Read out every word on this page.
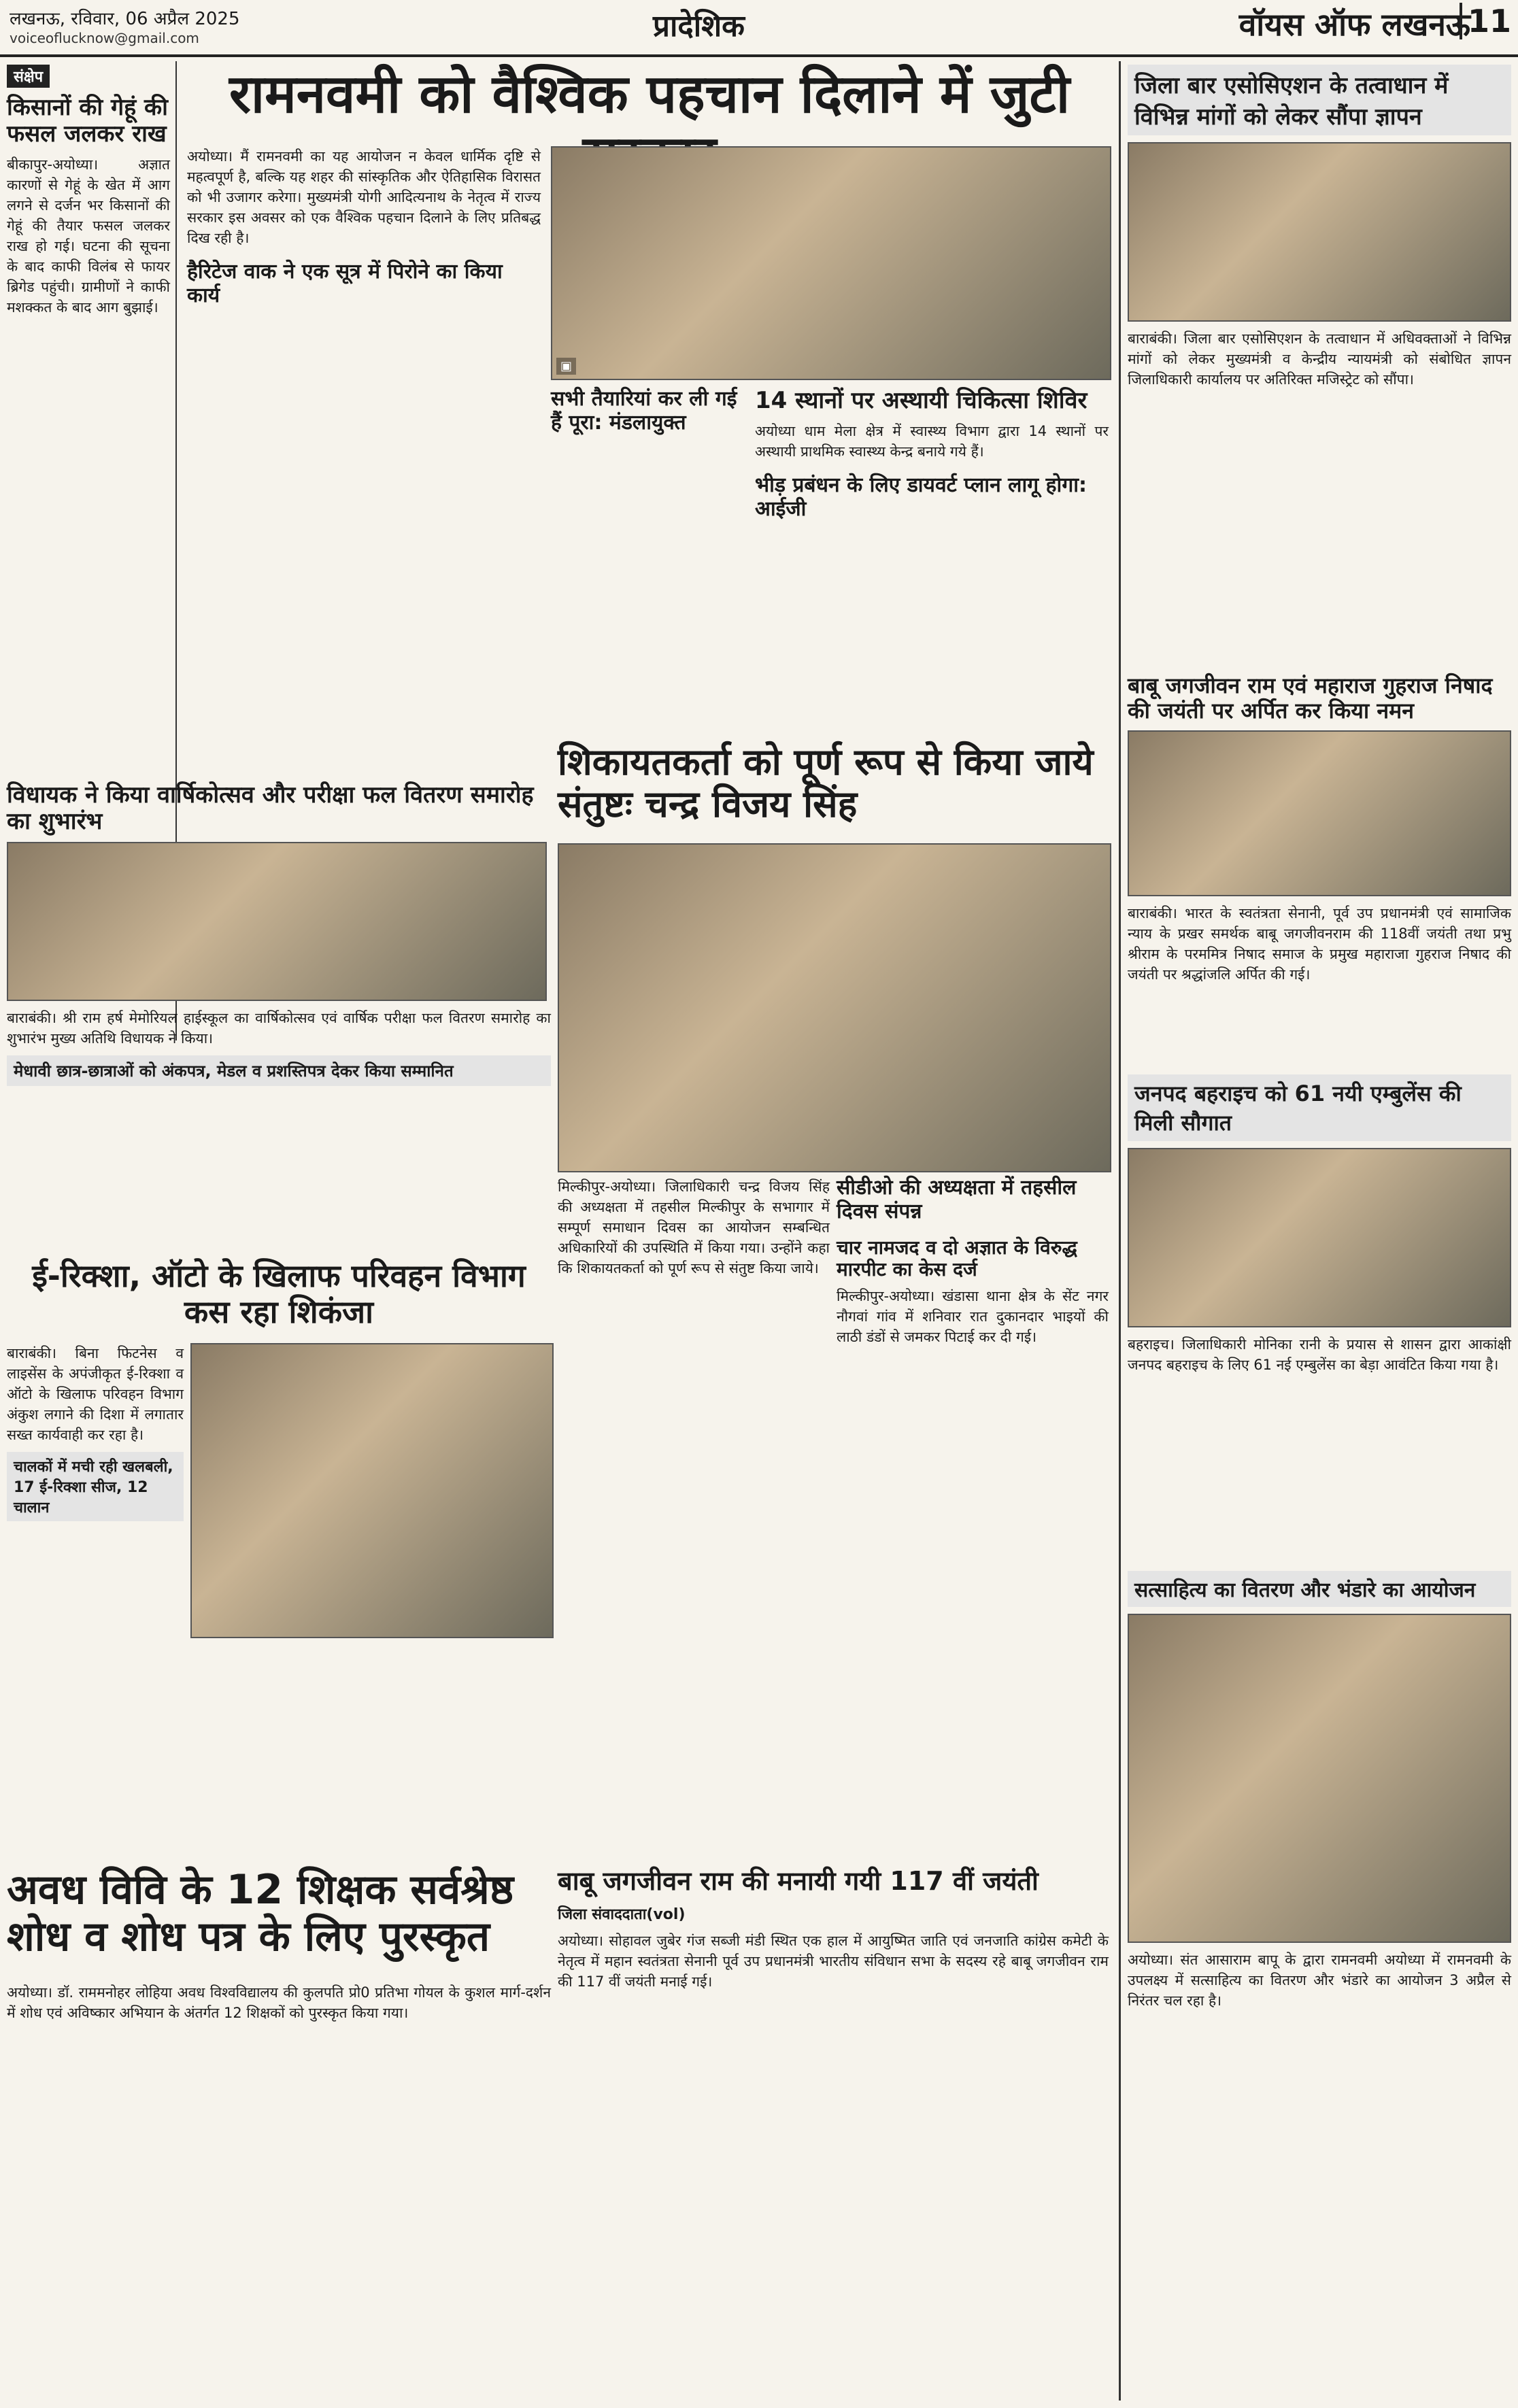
लखनऊ, रविवार, 06 अप्रैल 2025
voiceoflucknow@gmail.com	प्रादेशिक	वॉयस ऑफ लखनऊ
11
संक्षेप
किसानों की गेहूं की फसल जलकर राख
बीकापुर-अयोध्या। अज्ञात कारणों से गेहूं के खेत में आग लगने से दर्जन भर किसानों की गेहूं की तैयार फसल जलकर राख हो गई। घटना की सूचना के बाद काफी विलंब से फायर ब्रिगेड पहुंची। ग्रामीणों ने काफी मशक्कत के बाद आग बुझाई।
रामनवमी को वैश्विक पहचान दिलाने में जुटी
अयोध्या। मैं रामनवमी का यह आयोजन न केवल धार्मिक दृष्टि से महत्वपूर्ण है, बल्कि यह शहर की सांस्कृतिक और ऐतिहासिक विरासत को भी उजागर करेगा। मुख्यमंत्री योगी आदित्यनाथ के नेतृत्व में राज्य सरकार इस अवसर को एक वैश्विक पहचान दिलाने के लिए प्रतिबद्ध दिख रही है।
हैरिटेज वाक ने एक सूत्र में पिरोने का किया कार्य
▣
सभी तैयारियां कर ली गई हैं पूरा: मंडलायुक्त
14 स्थानों पर अस्थायी चिकित्सा शिविर
अयोध्या धाम मेला क्षेत्र में स्वास्थ्य विभाग द्वारा 14 स्थानों पर अस्थायी प्राथमिक स्वास्थ्य केन्द्र बनाये गये हैं।
भीड़ प्रबंधन के लिए डायवर्ट प्लान लागू होगा: आईजी
जिला बार एसोसिएशन के तत्वाधान में विभिन्न मांगों को लेकर सौंपा ज्ञापन
बाराबंकी। जिला बार एसोसिएशन के तत्वाधान में अधिवक्ताओं ने विभिन्न मांगों को लेकर मुख्यमंत्री व केन्द्रीय न्यायमंत्री को संबोधित ज्ञापन जिलाधिकारी कार्यालय पर अतिरिक्त मजिस्ट्रेट को सौंपा।
बाबू जगजीवन राम एवं महाराज गुहराज निषाद की जयंती पर अर्पित कर किया नमन
बाराबंकी। भारत के स्वतंत्रता सेनानी, पूर्व उप प्रधानमंत्री एवं सामाजिक न्याय के प्रखर समर्थक बाबू जगजीवनराम की 118वीं जयंती तथा प्रभु श्रीराम के परममित्र निषाद समाज के प्रमुख महाराजा गुहराज निषाद की जयंती पर श्रद्धांजलि अर्पित की गई।
जनपद बहराइच को 61 नयी एम्बुलेंस की मिली सौगात
बहराइच। जिलाधिकारी मोनिका रानी के प्रयास से शासन द्वारा आकांक्षी जनपद बहराइच के लिए 61 नई एम्बुलेंस का बेड़ा आवंटित किया गया है।
सत्साहित्य का वितरण और भंडारे का आयोजन
अयोध्या। संत आसाराम बापू के द्वारा रामनवमी अयोध्या में रामनवमी के उपलक्ष्य में सत्साहित्य का वितरण और भंडारे का आयोजन 3 अप्रैल से निरंतर चल रहा है।
विधायक ने किया वार्षिकोत्सव और परीक्षा फल वितरण समारोह का शुभारंभ
बाराबंकी। श्री राम हर्ष मेमोरियल हाईस्कूल का वार्षिकोत्सव एवं वार्षिक परीक्षा फल वितरण समारोह का शुभारंभ मुख्य अतिथि विधायक ने किया।
मेधावी छात्र-छात्राओं को अंकपत्र, मेडल व प्रशस्तिपत्र देकर किया सम्मानित
शिकायतकर्ता को पूर्ण रूप से किया जाये संतुष्टः चन्द्र विजय सिंह
मिल्कीपुर-अयोध्या। जिलाधिकारी चन्द्र विजय सिंह की अध्यक्षता में तहसील मिल्कीपुर के सभागार में सम्पूर्ण समाधान दिवस का आयोजन सम्बन्धित अधिकारियों की उपस्थिति में किया गया। उन्होंने कहा कि शिकायतकर्ता को पूर्ण रूप से संतुष्ट किया जाये।
सीडीओ की अध्यक्षता में तहसील दिवस संपन्न
चार नामजद व दो अज्ञात के विरुद्ध मारपीट का केस दर्ज
मिल्कीपुर-अयोध्या। खंडासा थाना क्षेत्र के सेंट नगर नौगवां गांव में शनिवार रात दुकानदार भाइयों की लाठी डंडों से जमकर पिटाई कर दी गई।
ई-रिक्शा, ऑटो के खिलाफ परिवहन विभाग कस रहा शिकंजा
बाराबंकी। बिना फिटनेस व लाइसेंस के अपंजीकृत ई-रिक्शा व ऑटो के खिलाफ परिवहन विभाग अंकुश लगाने की दिशा में लगातार सख्त कार्यवाही कर रहा है।
चालकों में मची रही खलबली, 17 ई-रिक्शा सीज, 12 चालान
अवध विवि के 12 शिक्षक सर्वश्रेष्ठ शोध व शोध पत्र के लिए पुरस्कृत
अयोध्या। डॉ. राममनोहर लोहिया अवध विश्वविद्यालय की कुलपति प्रो0 प्रतिभा गोयल के कुशल मार्ग-दर्शन में शोध एवं अविष्कार अभियान के अंतर्गत 12 शिक्षकों को पुरस्कृत किया गया।
बाबू जगजीवन राम की मनायी गयी 117 वीं जयंती
जिला संवाददाता(vol)
अयोध्या। सोहावल जुबेर गंज सब्जी मंडी स्थित एक हाल में आयुष्मित जाति एवं जनजाति कांग्रेस कमेटी के नेतृत्व में महान स्वतंत्रता सेनानी पूर्व उप प्रधानमंत्री भारतीय संविधान सभा के सदस्य रहे बाबू जगजीवन राम की 117 वीं जयंती मनाई गई।
